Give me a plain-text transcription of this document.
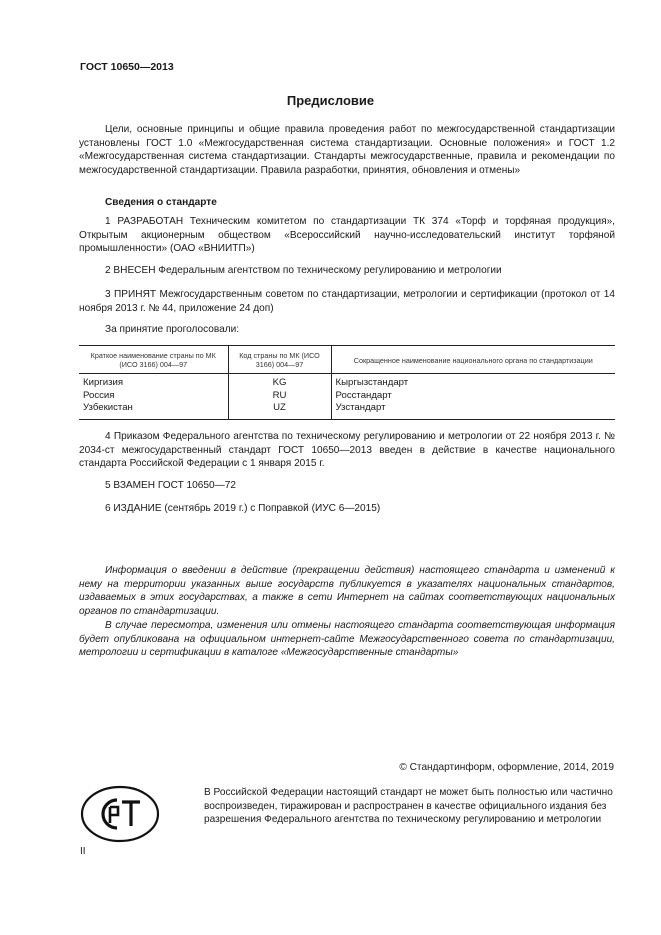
ГОСТ 10650—2013
Предисловие
Цели, основные принципы и общие правила проведения работ по межгосударственной стандартизации установлены ГОСТ 1.0 «Межгосударственная система стандартизации. Основные положения» и ГОСТ 1.2 «Межгосударственная система стандартизации. Стандарты межгосударственные, правила и рекомендации по межгосударственной стандартизации. Правила разработки, принятия, обновления и отмены»
Сведения о стандарте
1 РАЗРАБОТАН Техническим комитетом по стандартизации ТК 374 «Торф и торфяная продукция», Открытым акционерным обществом «Всероссийский научно-исследовательский институт торфяной промышленности» (ОАО «ВНИИТП»)
2 ВНЕСЕН Федеральным агентством по техническому регулированию и метрологии
3 ПРИНЯТ Межгосударственным советом по стандартизации, метрологии и сертификации (протокол от 14 ноября 2013 г. № 44, приложение 24 доп)
За принятие проголосовали:
Краткое наименование страны по МК (ИСО 3166) 004—97	Код страны по МК (ИСО 3166) 004—97	Сокращенное наименование национального органа по стандартизации
Киргизия	KG	Кыргызстандарт
Россия	RU	Росстандарт
Узбекистан	UZ	Узстандарт
4 Приказом Федерального агентства по техническому регулированию и метрологии от 22 ноября 2013 г. № 2034-ст межгосударственный стандарт ГОСТ 10650—2013 введен в действие в качестве национального стандарта Российской Федерации с 1 января 2015 г.
5 ВЗАМЕН ГОСТ 10650—72
6 ИЗДАНИЕ (сентябрь 2019 г.) с Поправкой (ИУС 6—2015)
Информация о введении в действие (прекращении действия) настоящего стандарта и изменений к нему на территории указанных выше государств публикуется в указателях национальных стандартов, издаваемых в этих государствах, а также в сети Интернет на сайтах соответствующих национальных органов по стандартизации.
В случае пересмотра, изменения или отмены настоящего стандарта соответствующая информация будет опубликована на официальном интернет-сайте Межгосударственного совета по стандартизации, метрологии и сертификации в каталоге «Межгосударственные стандарты»
© Стандартинформ, оформление, 2014, 2019
В Российской Федерации настоящий стандарт не может быть полностью или частично воспроизведен, тиражирован и распространен в качестве официального издания без разрешения Федерального агентства по техническому регулированию и метрологии
II
